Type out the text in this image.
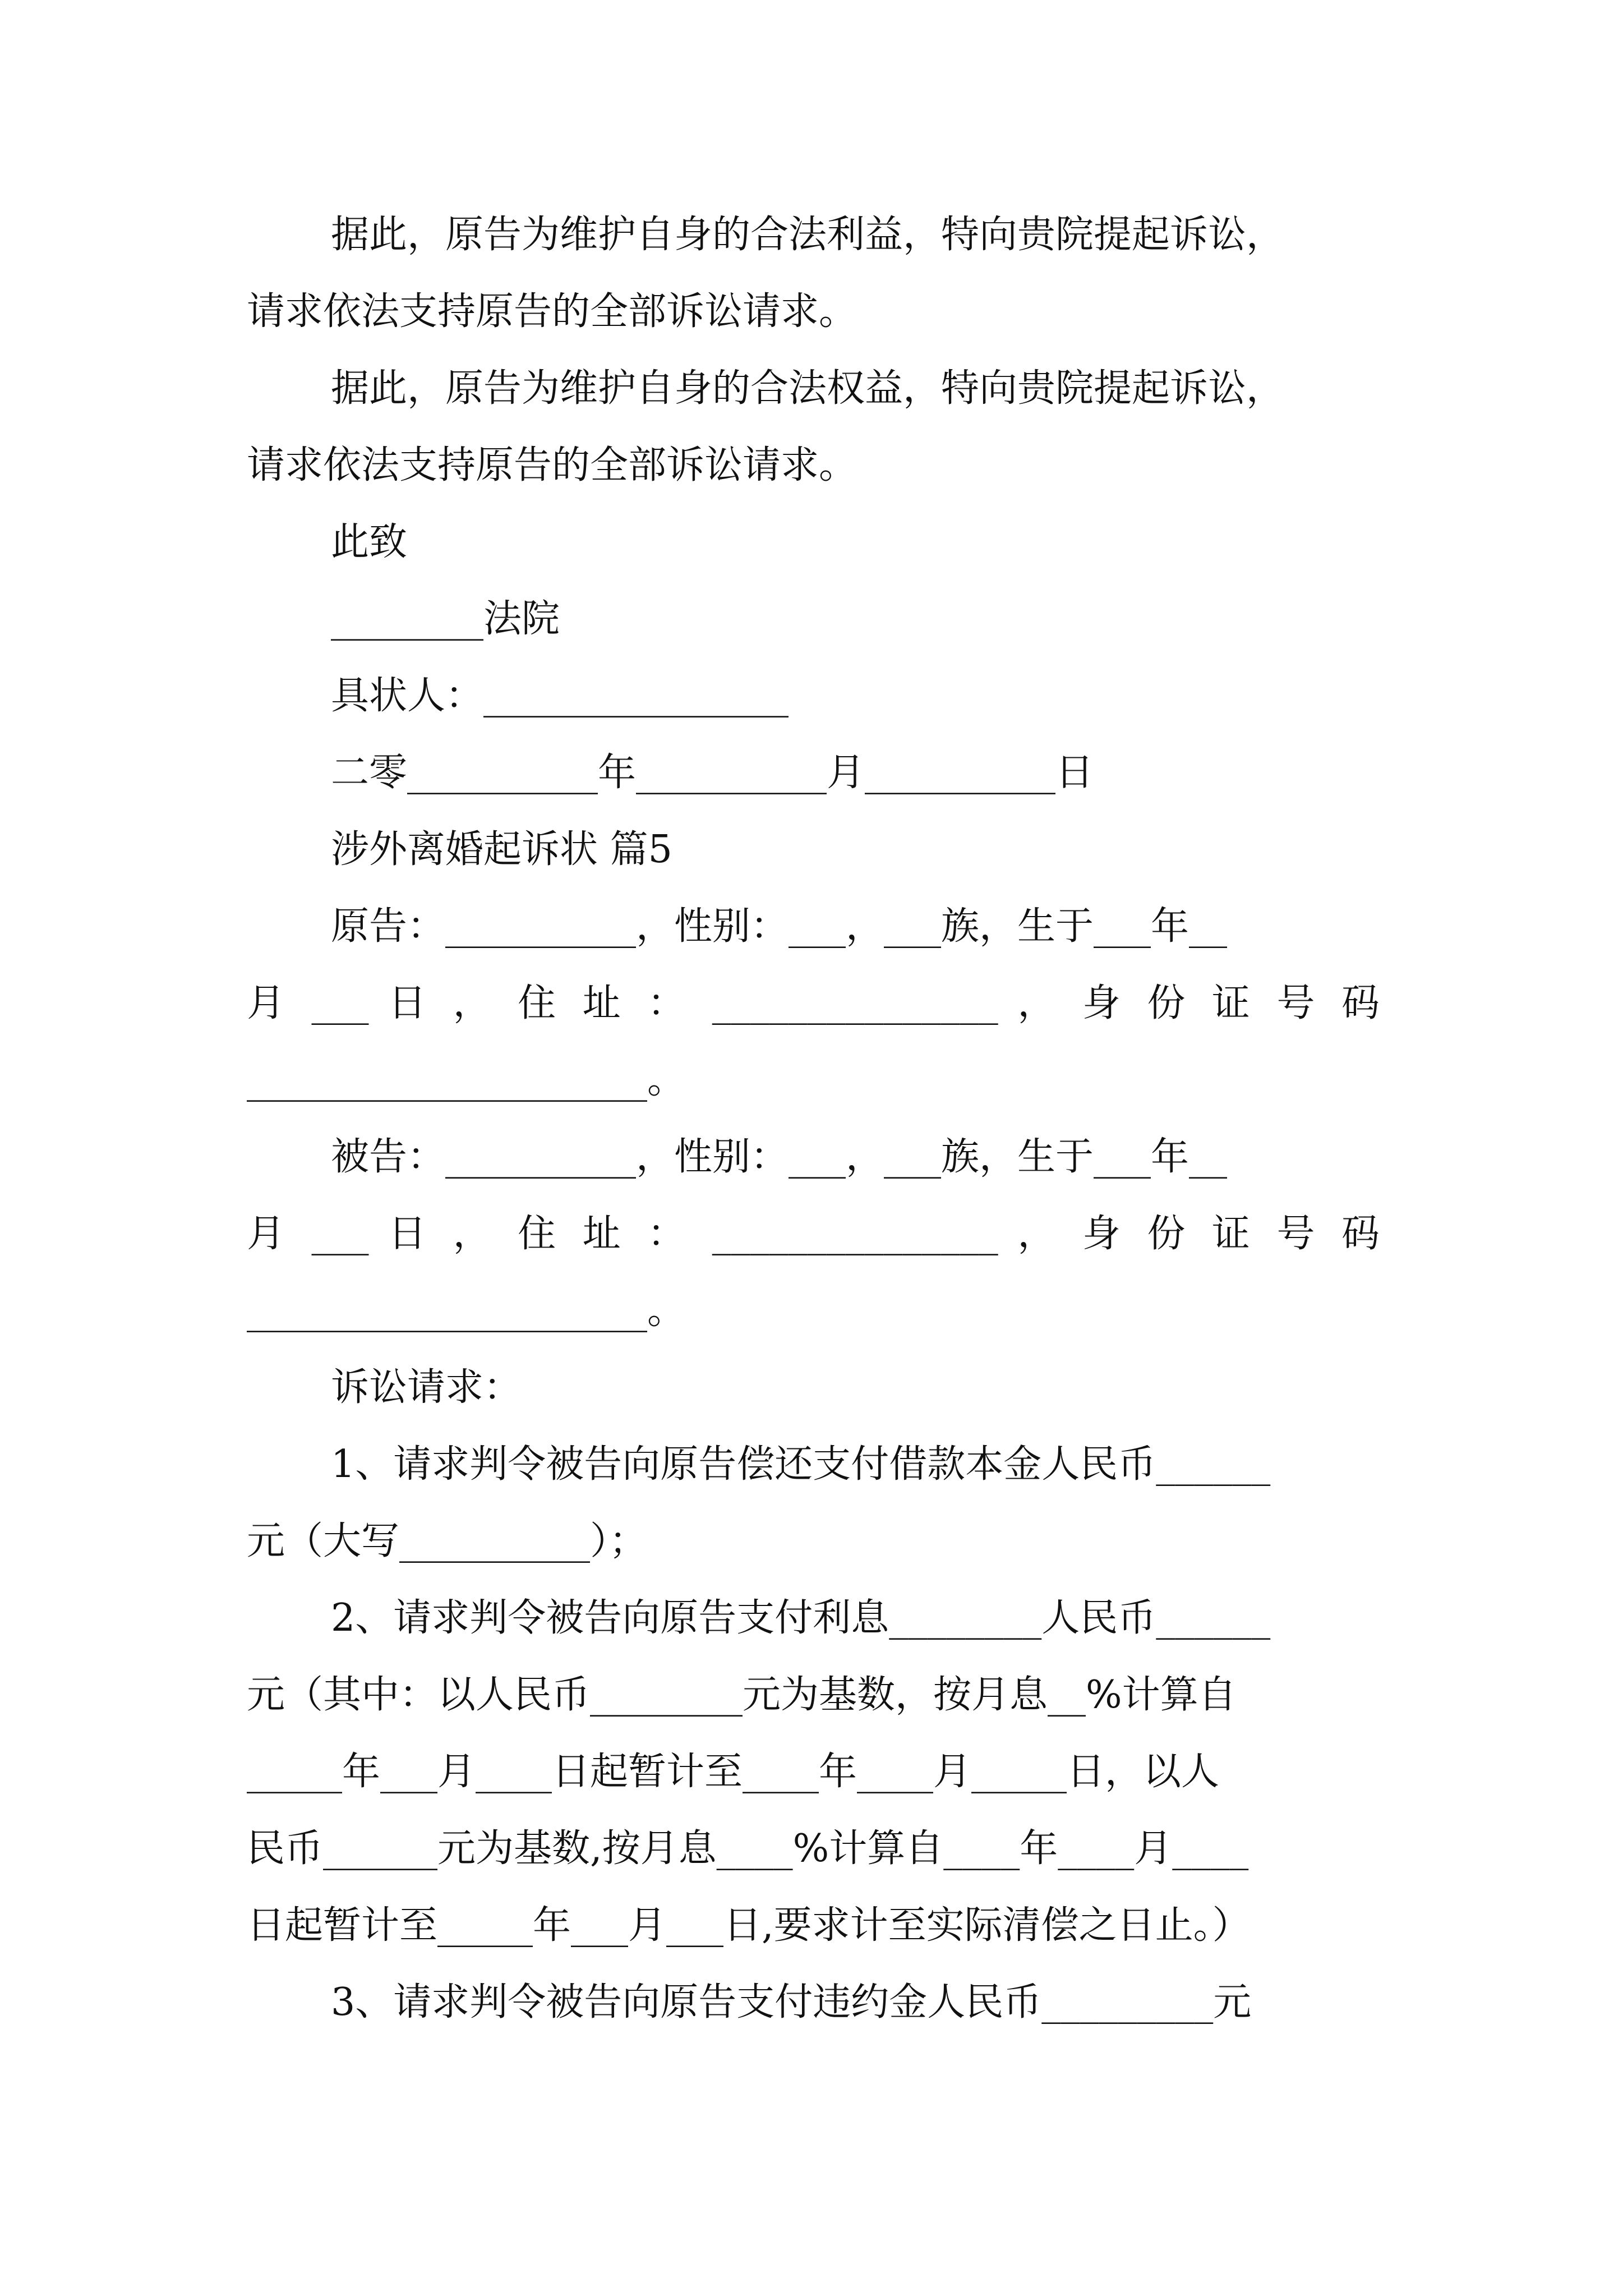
据此，原告为维护自身的合法利益，特向贵院提起诉讼，
请求依法支持原告的全部诉讼请求。
据此，原告为维护自身的合法权益，特向贵院提起诉讼，
请求依法支持原告的全部诉讼请求。
此致
________法院
具状人：________________
二零__________年__________月__________日
涉外离婚起诉状 篇5
原告：__________，性别：___，___族，生于___年__
月 ___ 日 ， 住 址 ： _______________ ， 身 份 证 号 码
_____________________。
被告：__________，性别：___，___族，生于___年__
月 ___ 日 ， 住 址 ： _______________ ， 身 份 证 号 码
_____________________。
诉讼请求：
1、请求判令被告向原告偿还支付借款本金人民币______
元（大写__________）；
2、请求判令被告向原告支付利息________人民币______
元（其中：以人民币________元为基数，按月息__%计算自
_____年___月____日起暂计至____年____月_____日，以人
民币______元为基数,按月息____%计算自____年____月____
日起暂计至_____年___月___日,要求计至实际清偿之日止。）
3、请求判令被告向原告支付违约金人民币_________元
